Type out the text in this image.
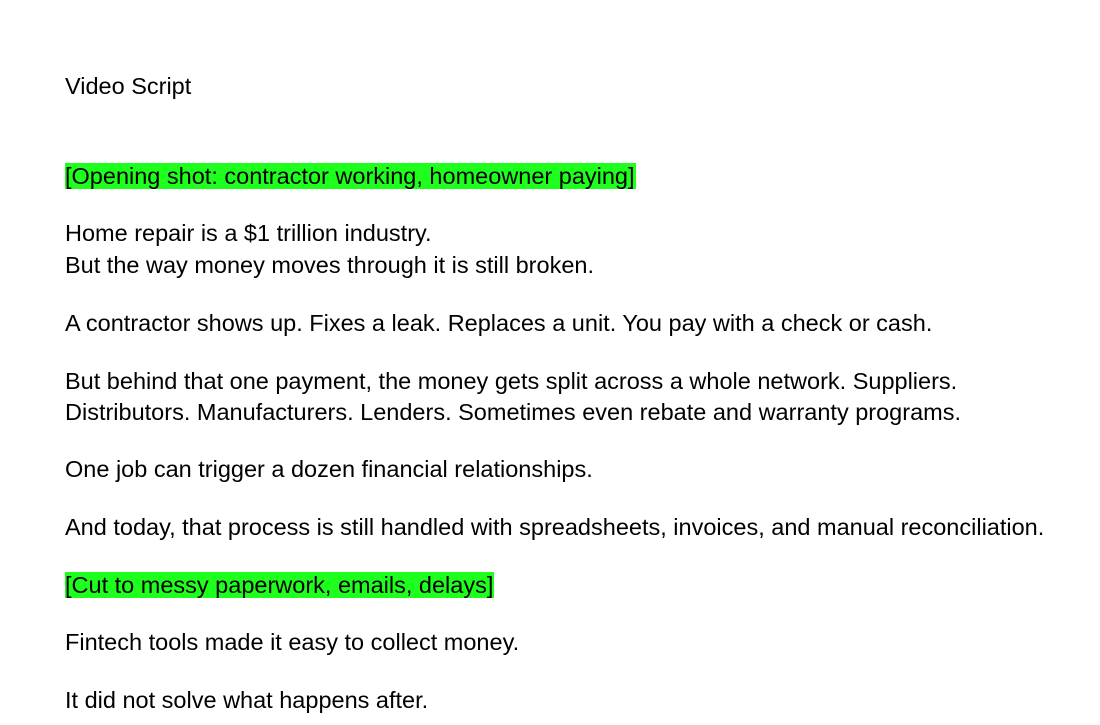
Video Script

[Opening shot: contractor working, homeowner paying]

Home repair is a $1 trillion industry.

But the way money moves through it is still broken.

A contractor shows up. Fixes a leak. Replaces a unit. You pay with a check or cash.

But behind that one payment, the money gets split across a whole network. Suppliers.

Distributors. Manufacturers. Lenders. Sometimes even rebate and warranty programs.

One job can trigger a dozen financial relationships.

And today, that process is still handled with spreadsheets, invoices, and manual reconciliation.

[Cut to messy paperwork, emails, delays]

Fintech tools made it easy to collect money.

It did not solve what happens after.
